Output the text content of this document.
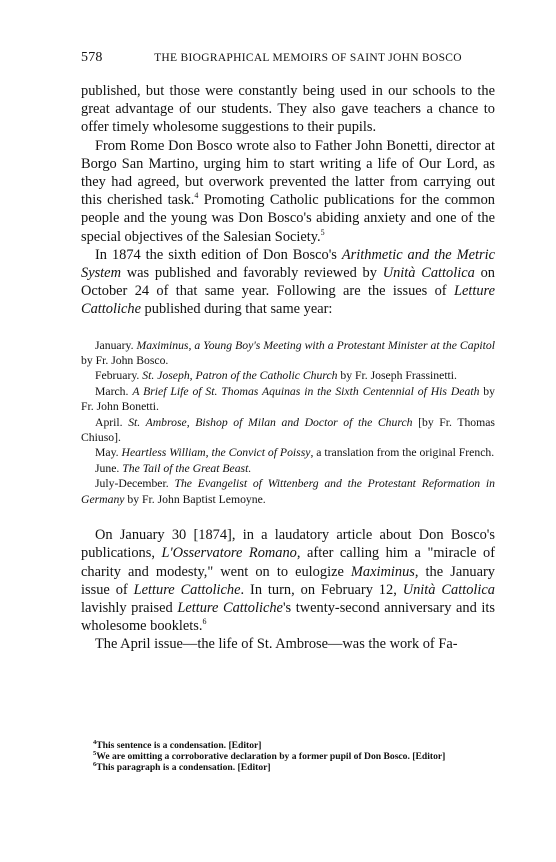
578	THE BIOGRAPHICAL MEMOIRS OF SAINT JOHN BOSCO

published, but those were constantly being used in our schools to the great advantage of our students. They also gave teachers a chance to offer timely wholesome suggestions to their pupils.

From Rome Don Bosco wrote also to Father John Bonetti, director at Borgo San Martino, urging him to start writing a life of Our Lord, as they had agreed, but overwork prevented the latter from carrying out this cherished task.$^4$ Promoting Catholic publications for the common people and the young was Don Bosco's abiding anxiety and one of the special objectives of the Salesian Society.$^5$

In 1874 the sixth edition of Don Bosco's Arithmetic and the Metric System was published and favorably reviewed by Unità Cattolica on October 24 of that same year. Following are the issues of Letture Cattoliche published during that same year:

January. Maximinus, a Young Boy's Meeting with a Protestant Minister at the Capitol by Fr. John Bosco.

February. St. Joseph, Patron of the Catholic Church by Fr. Joseph Frassinetti.

March. A Brief Life of St. Thomas Aquinas in the Sixth Centennial of His Death by Fr. John Bonetti.

April. St. Ambrose, Bishop of Milan and Doctor of the Church [by Fr. Thomas Chiuso].

May. Heartless William, the Convict of Poissy, a translation from the original French.

June. The Tail of the Great Beast.

July-December. The Evangelist of Wittenberg and the Protestant Reformation in Germany by Fr. John Baptist Lemoyne.

On January 30 [1874], in a laudatory article about Don Bosco's publications, L'Osservatore Romano, after calling him a "miracle of charity and modesty," went on to eulogize Maximinus, the January issue of Letture Cattoliche. In turn, on February 12, Unità Cattolica lavishly praised Letture Cattoliche's twenty-second anniversary and its wholesome booklets.$^6$

The April issue—the life of St. Ambrose—was the work of Fa-

$^4$This sentence is a condensation. [Editor]

$^5$We are omitting a corroborative declaration by a former pupil of Don Bosco. [Editor]

$^6$This paragraph is a condensation. [Editor]
